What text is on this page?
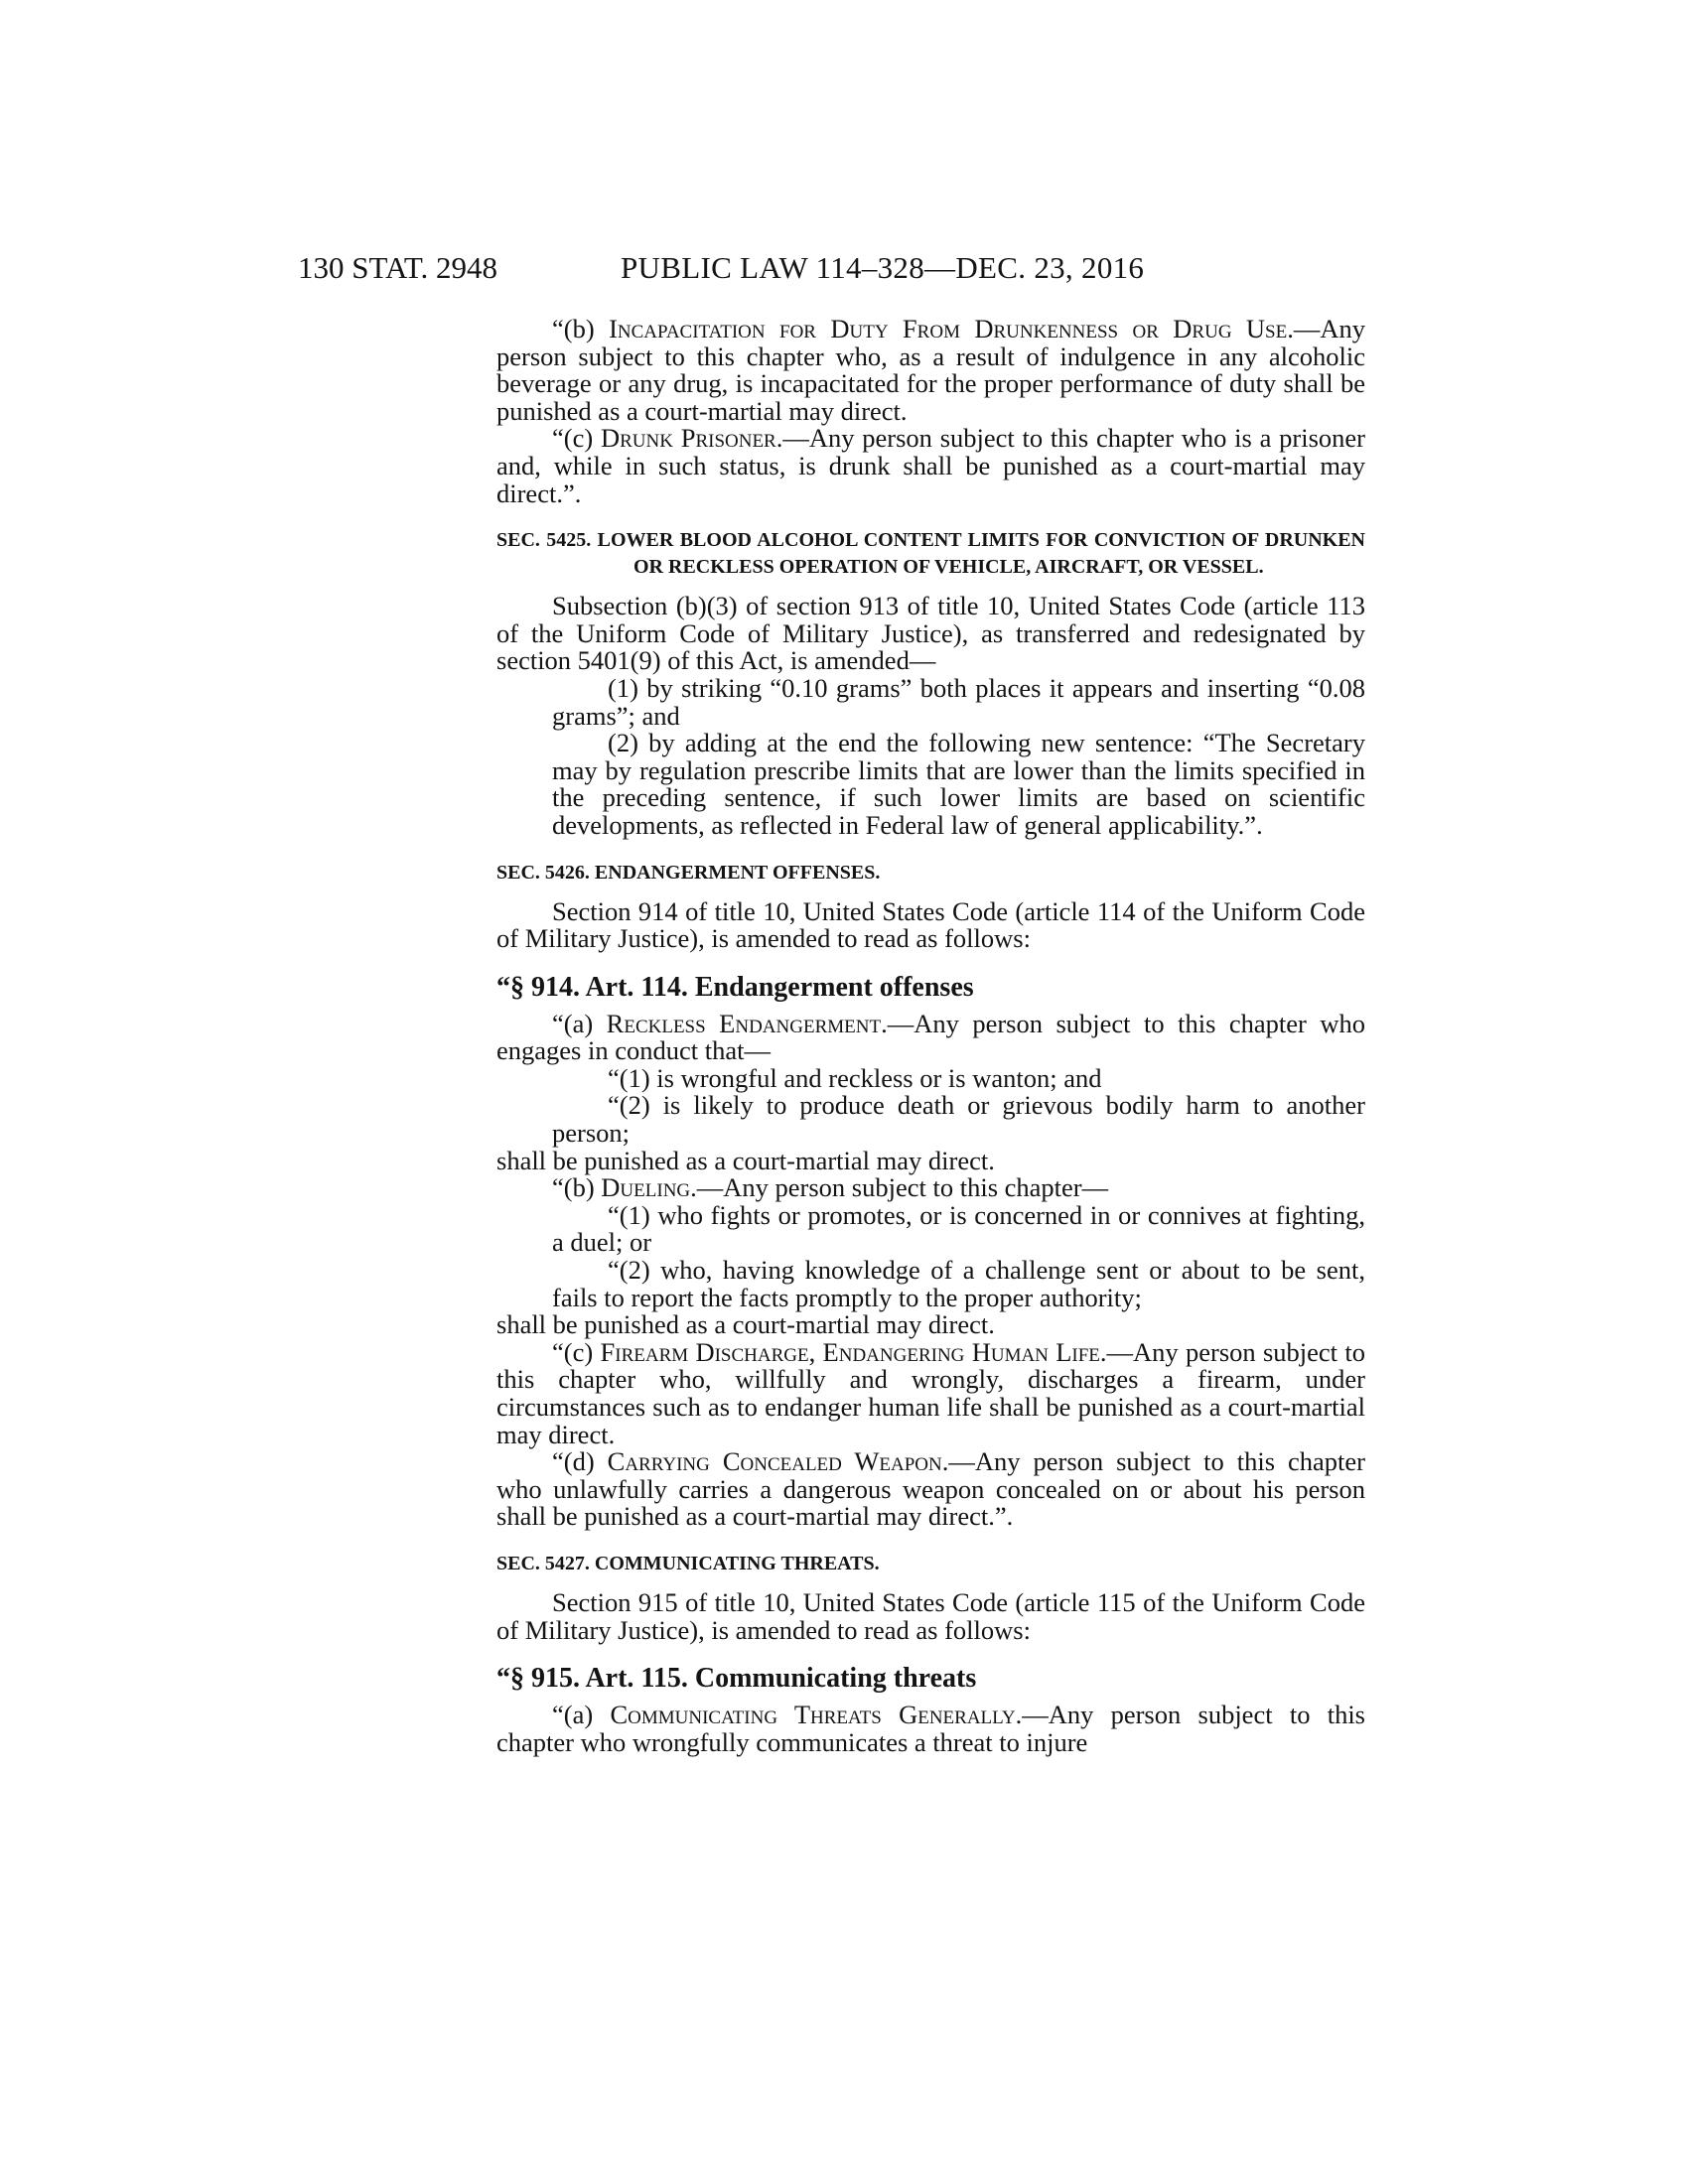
130 STAT. 2948	PUBLIC LAW 114–328—DEC. 23, 2016

“(b) Incapacitation for Duty From Drunkenness or Drug Use.—Any person subject to this chapter who, as a result of indulgence in any alcoholic beverage or any drug, is incapacitated for the proper performance of duty shall be punished as a court-martial may direct.

“(c) Drunk Prisoner.—Any person subject to this chapter who is a prisoner and, while in such status, is drunk shall be punished as a court-martial may direct.”.

SEC. 5425. LOWER BLOOD ALCOHOL CONTENT LIMITS FOR CONVICTION OF DRUNKEN OR RECKLESS OPERATION OF VEHICLE, AIRCRAFT, OR VESSEL.

Subsection (b)(3) of section 913 of title 10, United States Code (article 113 of the Uniform Code of Military Justice), as transferred and redesignated by section 5401(9) of this Act, is amended—

(1) by striking “0.10 grams” both places it appears and inserting “0.08 grams”; and

(2) by adding at the end the following new sentence: “The Secretary may by regulation prescribe limits that are lower than the limits specified in the preceding sentence, if such lower limits are based on scientific developments, as reflected in Federal law of general applicability.”.

SEC. 5426. ENDANGERMENT OFFENSES.

Section 914 of title 10, United States Code (article 114 of the Uniform Code of Military Justice), is amended to read as follows:

“§ 914. Art. 114. Endangerment offenses

“(a) Reckless Endangerment.—Any person subject to this chapter who engages in conduct that—

“(1) is wrongful and reckless or is wanton; and

“(2) is likely to produce death or grievous bodily harm to another person;

shall be punished as a court-martial may direct.

“(b) Dueling.—Any person subject to this chapter—

“(1) who fights or promotes, or is concerned in or connives at fighting, a duel; or

“(2) who, having knowledge of a challenge sent or about to be sent, fails to report the facts promptly to the proper authority;

shall be punished as a court-martial may direct.

“(c) Firearm Discharge, Endangering Human Life.—Any person subject to this chapter who, willfully and wrongly, discharges a firearm, under circumstances such as to endanger human life shall be punished as a court-martial may direct.

“(d) Carrying Concealed Weapon.—Any person subject to this chapter who unlawfully carries a dangerous weapon concealed on or about his person shall be punished as a court-martial may direct.”.

SEC. 5427. COMMUNICATING THREATS.

Section 915 of title 10, United States Code (article 115 of the Uniform Code of Military Justice), is amended to read as follows:

“§ 915. Art. 115. Communicating threats

“(a) Communicating Threats Generally.—Any person subject to this chapter who wrongfully communicates a threat to injure
